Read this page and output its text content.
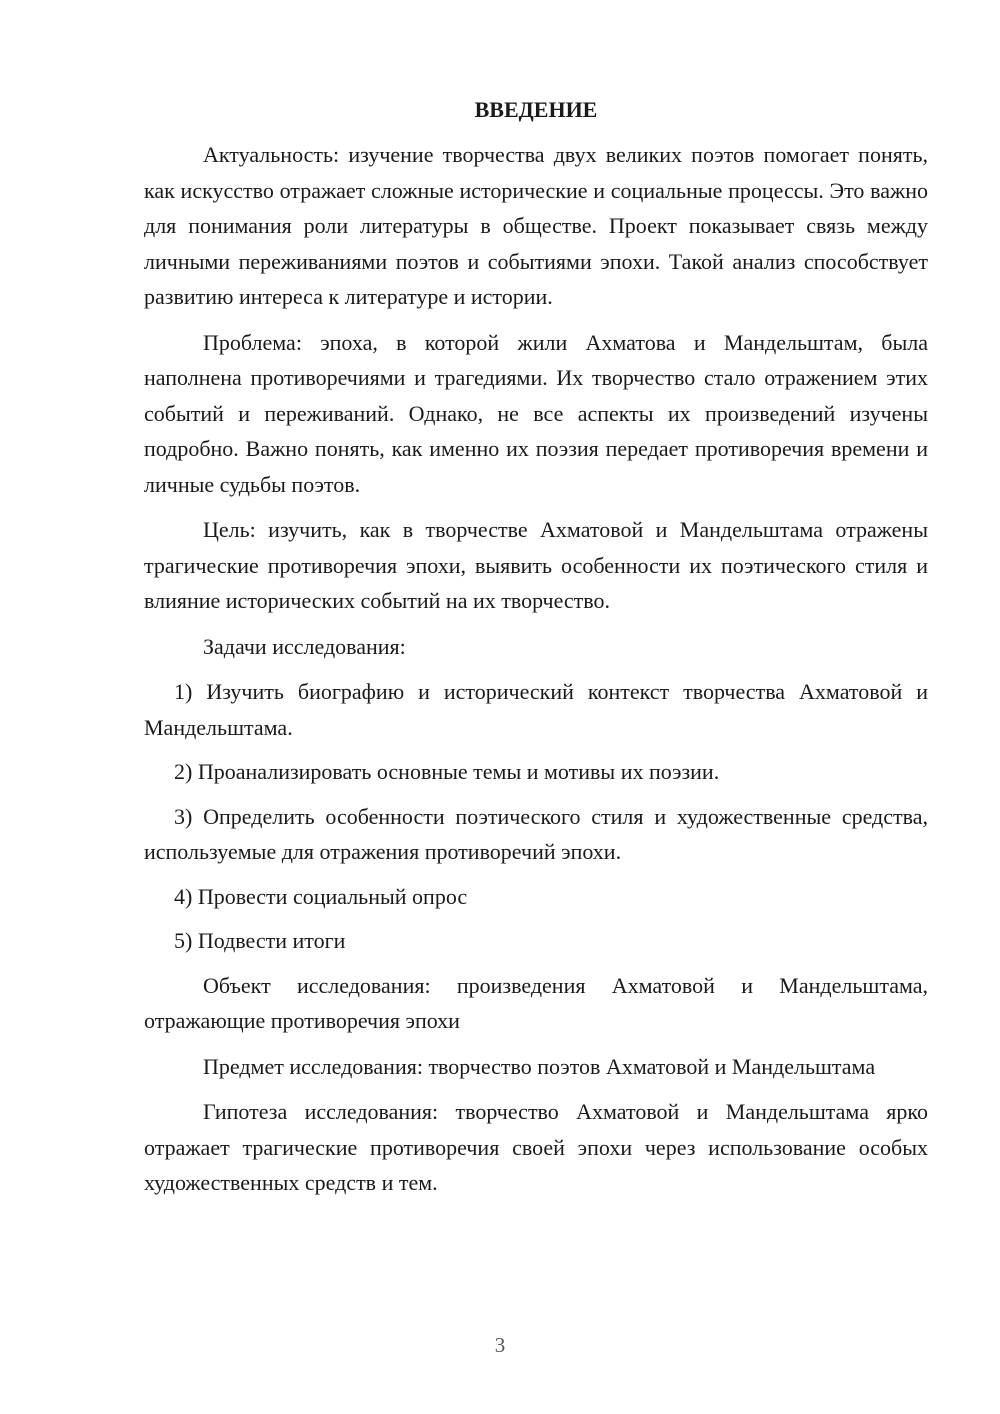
ВВЕДЕНИЕ

Актуальность: изучение творчества двух великих поэтов помогает понять, как искусство отражает сложные исторические и социальные процессы. Это важно для понимания роли литературы в обществе. Проект показывает связь между личными переживаниями поэтов и событиями эпохи. Такой анализ способствует развитию интереса к литературе и истории.

Проблема: эпоха, в которой жили Ахматова и Мандельштам, была наполнена противоречиями и трагедиями. Их творчество стало отражением этих событий и переживаний. Однако, не все аспекты их произведений изучены подробно. Важно понять, как именно их поэзия передает противоречия времени и личные судьбы поэтов.

Цель: изучить, как в творчестве Ахматовой и Мандельштама отражены трагические противоречия эпохи, выявить особенности их поэтического стиля и влияние исторических событий на их творчество.

Задачи исследования:

1) Изучить биографию и исторический контекст творчества Ахматовой и Мандельштама.

2) Проанализировать основные темы и мотивы их поэзии.

3) Определить особенности поэтического стиля и художественные средства, используемые для отражения противоречий эпохи.

4) Провести социальный опрос

5) Подвести итоги

Объект исследования: произведения Ахматовой и Мандельштама, отражающие противоречия эпохи

Предмет исследования: творчество поэтов Ахматовой и Мандельштама

Гипотеза исследования: творчество Ахматовой и Мандельштама ярко отражает трагические противоречия своей эпохи через использование особых художественных средств и тем.

3
